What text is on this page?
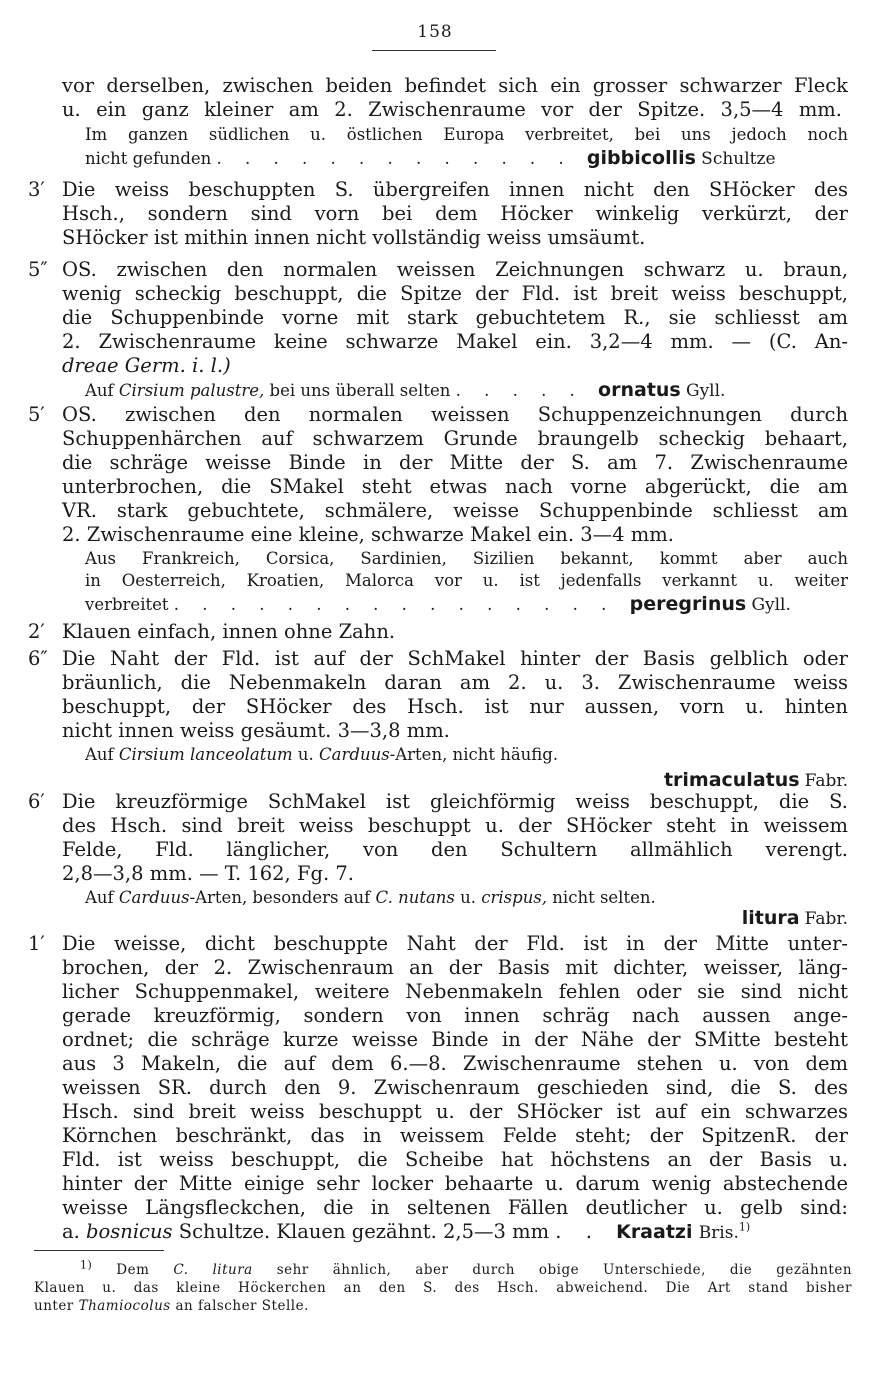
158
vor derselben, zwischen beiden befindet sich ein grosser schwarzer Fleck
u. ein ganz kleiner am 2. Zwischenraume vor der Spitze. 3,5—4 mm.
Im ganzen südlichen u. östlichen Europa verbreitet, bei uns jedoch noch
nicht gefunden . . . . . . . . . . . . . gibbicollis Schultze
3′ Die weiss beschuppten S. übergreifen innen nicht den SHöcker des
Hsch., sondern sind vorn bei dem Höcker winkelig verkürzt, der
SHöcker ist mithin innen nicht vollständig weiss umsäumt.
5″ OS. zwischen den normalen weissen Zeichnungen schwarz u. braun,
wenig scheckig beschuppt, die Spitze der Fld. ist breit weiss beschuppt,
die Schuppenbinde vorne mit stark gebuchtetem R., sie schliesst am
2. Zwischenraume keine schwarze Makel ein. 3,2—4 mm. — (C. An-
dreae Germ. i. l.)
Auf Cirsium palustre, bei uns überall selten . . . . . ornatus Gyll.
5′ OS. zwischen den normalen weissen Schuppenzeichnungen durch
Schuppenhärchen auf schwarzem Grunde braungelb scheckig behaart,
die schräge weisse Binde in der Mitte der S. am 7. Zwischenraume
unterbrochen, die SMakel steht etwas nach vorne abgerückt, die am
VR. stark gebuchtete, schmälere, weisse Schuppenbinde schliesst am
2. Zwischenraume eine kleine, schwarze Makel ein. 3—4 mm.
Aus Frankreich, Corsica, Sardinien, Sizilien bekannt, kommt aber auch
in Oesterreich, Kroatien, Malorca vor u. ist jedenfalls verkannt u. weiter
verbreitet . . . . . . . . . . . . . . . . peregrinus Gyll.
2′ Klauen einfach, innen ohne Zahn.
6″ Die Naht der Fld. ist auf der SchMakel hinter der Basis gelblich oder
bräunlich, die Nebenmakeln daran am 2. u. 3. Zwischenraume weiss
beschuppt, der SHöcker des Hsch. ist nur aussen, vorn u. hinten
nicht innen weiss gesäumt. 3—3,8 mm.
Auf Cirsium lanceolatum u. Carduus-Arten, nicht häufig.
trimaculatus Fabr.
6′ Die kreuzförmige SchMakel ist gleichförmig weiss beschuppt, die S.
des Hsch. sind breit weiss beschuppt u. der SHöcker steht in weissem
Felde, Fld. länglicher, von den Schultern allmählich verengt.
2,8—3,8 mm. — T. 162, Fg. 7.
Auf Carduus-Arten, besonders auf C. nutans u. crispus, nicht selten.
litura Fabr.
1′ Die weisse, dicht beschuppte Naht der Fld. ist in der Mitte unter-
brochen, der 2. Zwischenraum an der Basis mit dichter, weisser, läng-
licher Schuppenmakel, weitere Nebenmakeln fehlen oder sie sind nicht
gerade kreuzförmig, sondern von innen schräg nach aussen ange-
ordnet; die schräge kurze weisse Binde in der Nähe der SMitte besteht
aus 3 Makeln, die auf dem 6.—8. Zwischenraume stehen u. von dem
weissen SR. durch den 9. Zwischenraum geschieden sind, die S. des
Hsch. sind breit weiss beschuppt u. der SHöcker ist auf ein schwarzes
Körnchen beschränkt, das in weissem Felde steht; der SpitzenR. der
Fld. ist weiss beschuppt, die Scheibe hat höchstens an der Basis u.
hinter der Mitte einige sehr locker behaarte u. darum wenig abstechende
weisse Längsfleckchen, die in seltenen Fällen deutlicher u. gelb sind:
a. bosnicus Schultze. Klauen gezähnt. 2,5—3 mm . . Kraatzi Bris.$^{1)}$
$^{1)}$ Dem C. litura sehr ähnlich, aber durch obige Unterschiede, die gezähnten
Klauen u. das kleine Höckerchen an den S. des Hsch. abweichend. Die Art stand bisher
unter Thamiocolus an falscher Stelle.
